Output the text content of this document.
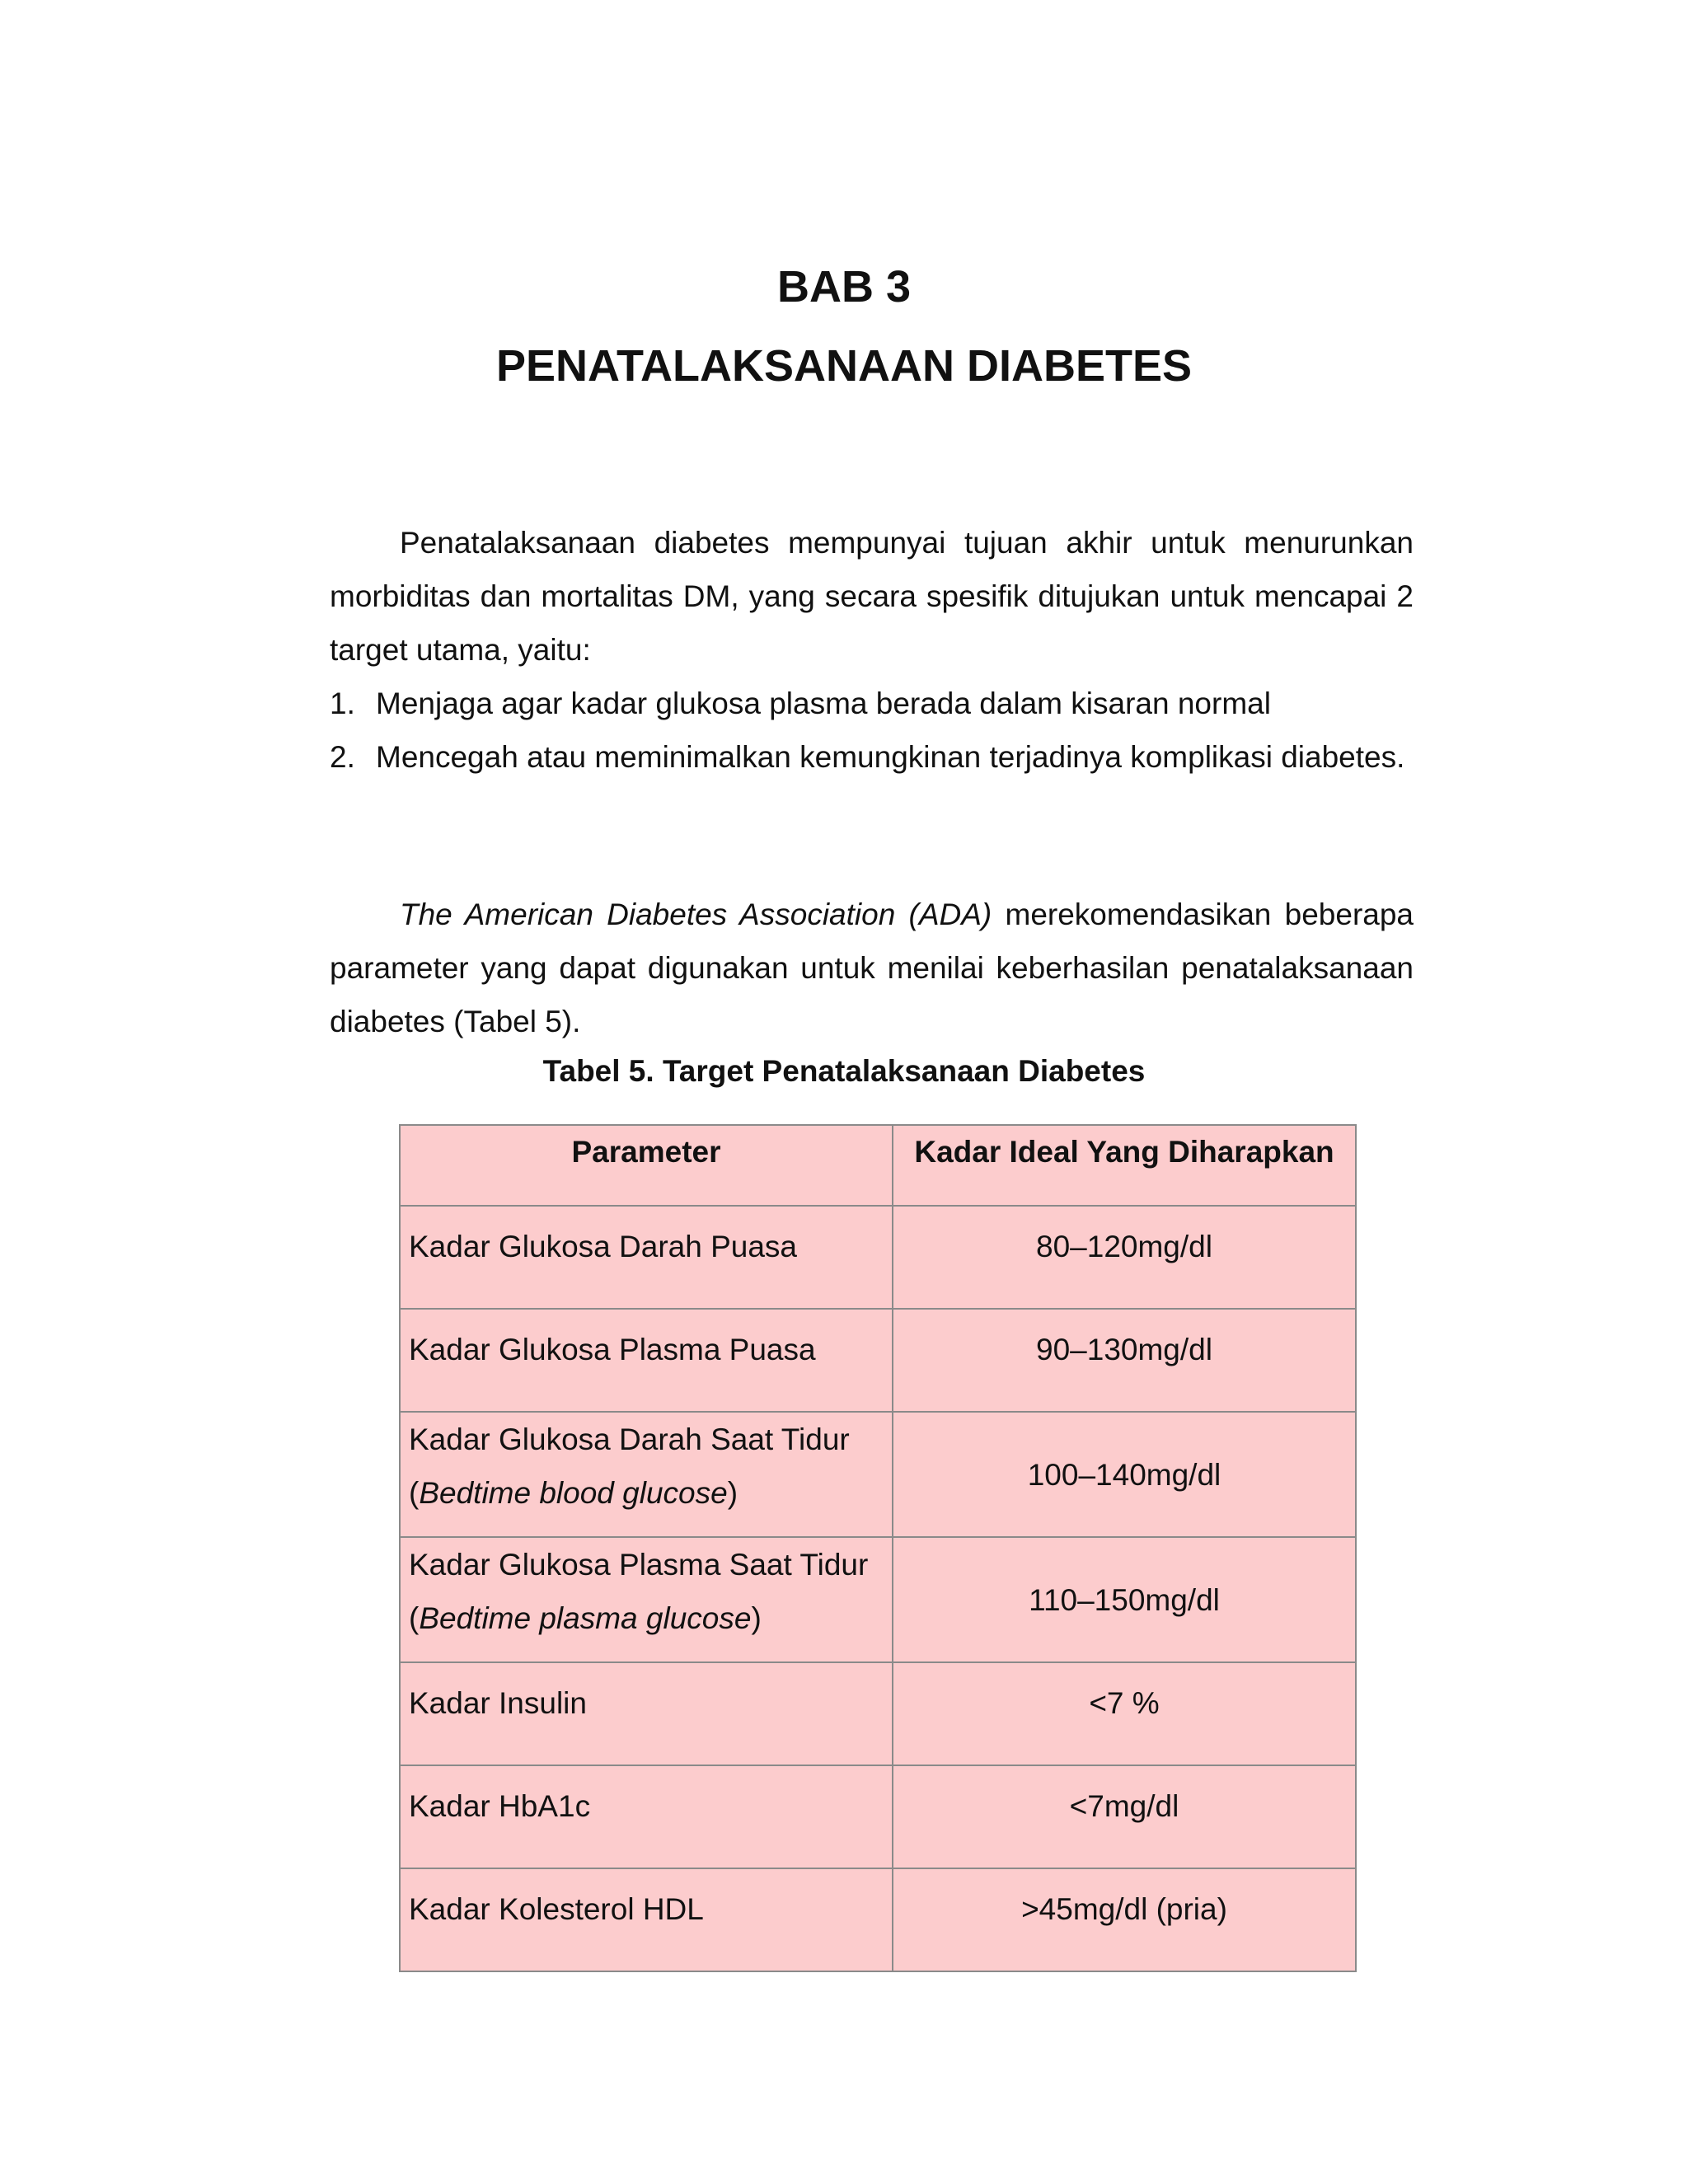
BAB 3
PENATALAKSANAAN DIABETES

Penatalaksanaan diabetes mempunyai tujuan akhir untuk menurunkan morbiditas dan mortalitas DM, yang secara spesifik ditujukan untuk mencapai 2 target utama, yaitu:

1. Menjaga agar kadar glukosa plasma berada dalam kisaran normal
2. Mencegah atau meminimalkan kemungkinan terjadinya komplikasi diabetes.

The American Diabetes Association (ADA) merekomendasikan beberapa parameter yang dapat digunakan untuk menilai keberhasilan penatalaksanaan diabetes (Tabel 5).

Tabel 5. Target Penatalaksanaan Diabetes
Parameter	Kadar Ideal Yang Diharapkan
Kadar Glukosa Darah Puasa	80–120mg/dl
Kadar Glukosa Plasma Puasa	90–130mg/dl
Kadar Glukosa Darah Saat Tidur
(Bedtime blood glucose)	100–140mg/dl
Kadar Glukosa Plasma Saat Tidur
(Bedtime plasma glucose)	110–150mg/dl
Kadar Insulin	<7 %
Kadar HbA1c	<7mg/dl
Kadar Kolesterol HDL	>45mg/dl (pria)
